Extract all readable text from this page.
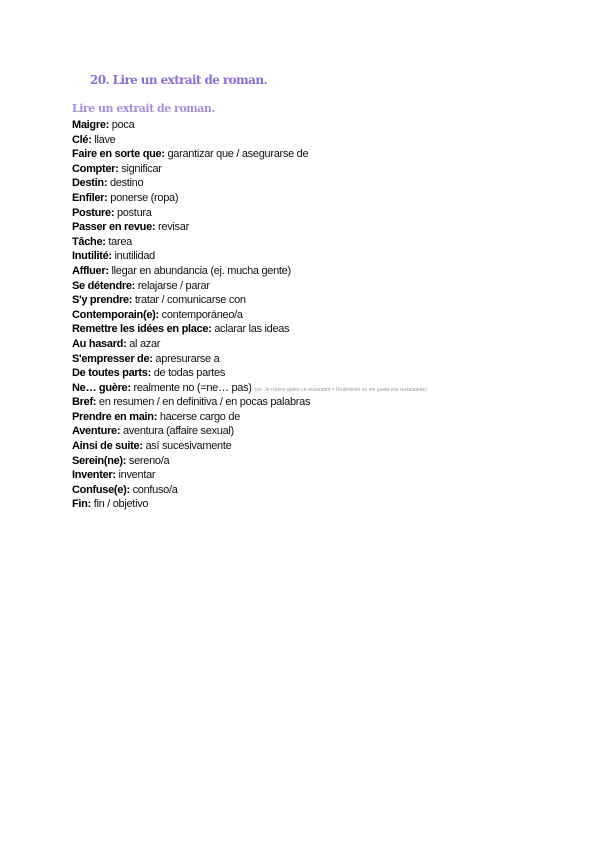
20. Lire un extrait de roman.
Lire un extrait de roman.
Maigre: poca
Clé: llave
Faire en sorte que: garantizar que / asegurarse de
Compter: significar
Destin: destino
Enfiler: ponerse (ropa)
Posture: postura
Passer en revue: revisar
Tâche: tarea
Inutilité: inutilidad
Affluer: llegar en abundancia (ej. mucha gente)
Se détendre: relajarse / parar
S'y prendre: tratar / comunicarse con
Contemporain(e): contemporáneo/a
Remettre les idées en place: aclarar las ideas
Au hasard: al azar
S'empresser de: apresurarse a
De toutes parts: de todas partes
Ne… guère: realmente no (=ne… pas) (ex. Je n'aime guère ce restaurant = Realmente no me gusta ese restaurante)
Bref: en resumen / en definitiva / en pocas palabras
Prendre en main: hacerse cargo de
Aventure: aventura (affaire sexual)
Ainsi de suite: así sucesivamente
Serein(ne): sereno/a
Inventer: inventar
Confuse(e): confuso/a
Fin: fin / objetivo
